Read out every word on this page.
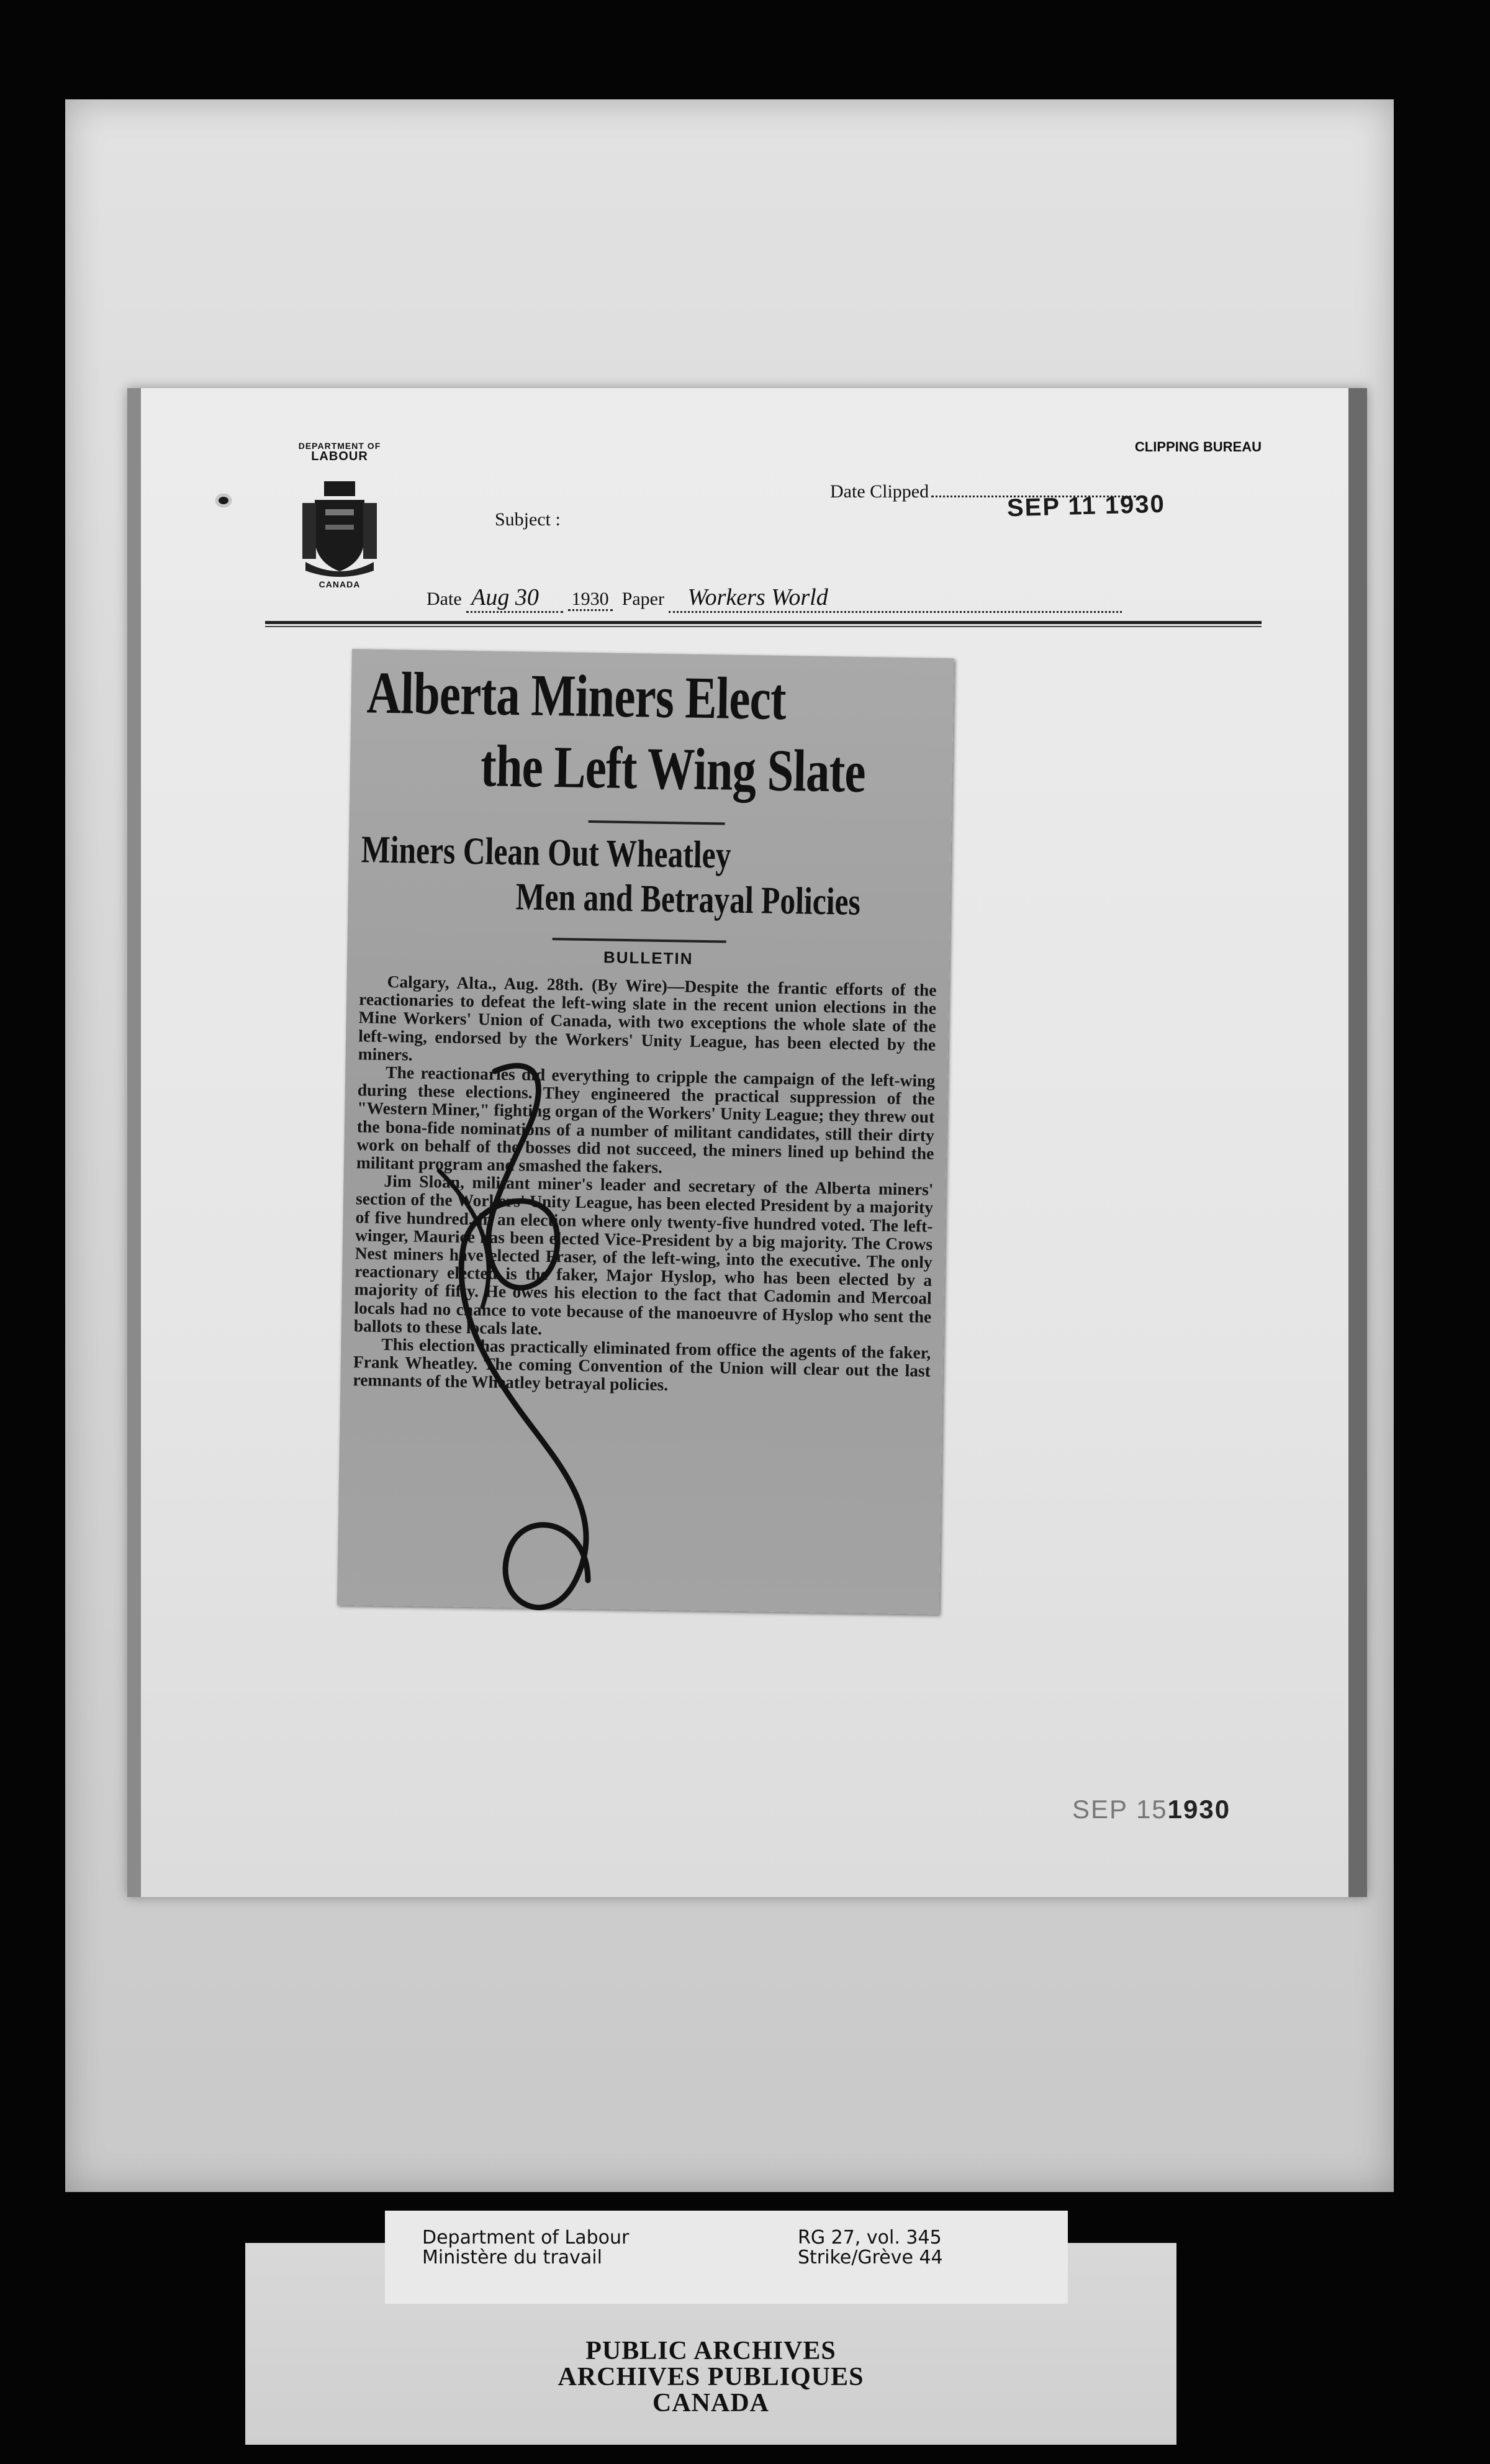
DEPARTMENT OF
LABOUR
CANADA
CLIPPING BUREAU
Subject :
Date Clipped	SEP 11 1930
Date Aug 30 1930 Paper Workers World
Alberta Miners Elect
the Left Wing Slate
Miners Clean Out Wheatley
Men and Betrayal Policies
BULLETIN

Calgary, Alta., Aug. 28th. (By Wire)—Despite the frantic efforts of the reactionaries to defeat the left-wing slate in the recent union elections in the Mine Workers' Union of Canada, with two exceptions the whole slate of the left-wing, endorsed by the Workers' Unity League, has been elected by the miners.

The reactionaries did everything to cripple the campaign of the left-wing during these elections. They engineered the practical suppression of the "Western Miner," fighting organ of the Workers' Unity League; they threw out the bona-fide nominations of a number of militant candidates, still their dirty work on behalf of the bosses did not succeed, the miners lined up behind the militant program and smashed the fakers.

Jim Sloan, militant miner's leader and secretary of the Alberta miners' section of the Workers' Unity League, has been elected President by a majority of five hundred, in an election where only twenty-five hundred voted. The left-winger, Maurice has been elected Vice-President by a big majority. The Crows Nest miners have elected Fraser, of the left-wing, into the executive. The only reactionary elected is the faker, Major Hyslop, who has been elected by a majority of fifty. He owes his election to the fact that Cadomin and Mercoal locals had no chance to vote because of the manoeuvre of Hyslop who sent the ballots to these locals late.

This election has practically eliminated from office the agents of the faker, Frank Wheatley. The coming Convention of the Union will clear out the last remnants of the Wheatley betrayal policies.

SEP 151930
PUBLIC ARCHIVES
ARCHIVES PUBLIQUES
CANADA
Department of Labour
Ministère du travail
RG 27, vol. 345
Strike/Grève 44
